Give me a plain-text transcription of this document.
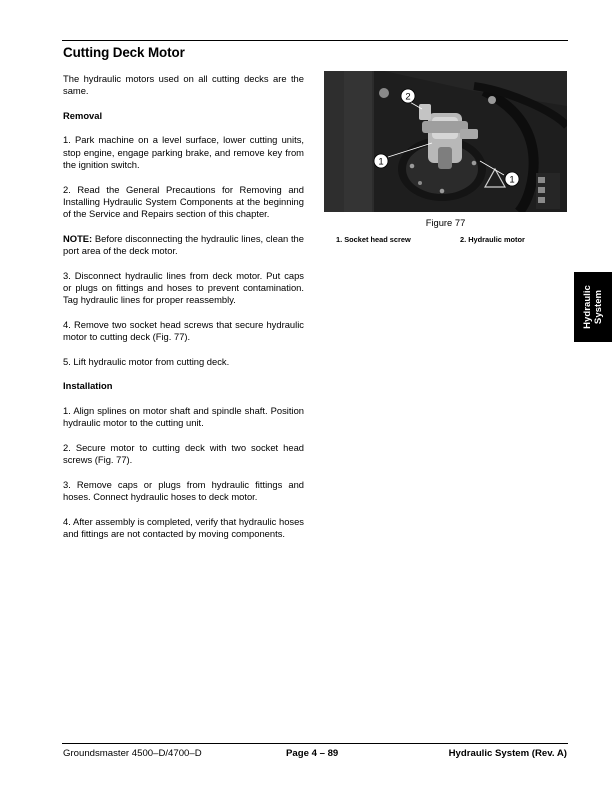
Cutting Deck Motor

The hydraulic motors used on all cutting decks are the same.

Removal

1. Park machine on a level surface, lower cutting units, stop engine, engage parking brake, and remove key from the ignition switch.

2. Read the General Precautions for Removing and Installing Hydraulic System Components at the beginning of the Service and Repairs section of this chapter.

NOTE: Before disconnecting the hydraulic lines, clean the port area of the deck motor.

3. Disconnect hydraulic lines from deck motor. Put caps or plugs on fittings and hoses to prevent contamination. Tag hydraulic lines for proper reassembly.

4. Remove two socket head screws that secure hydraulic motor to cutting deck (Fig. 77).

5. Lift hydraulic motor from cutting deck.

Installation

1. Align splines on motor shaft and spindle shaft. Position hydraulic motor to the cutting unit.

2. Secure motor to cutting deck with two socket head screws (Fig. 77).

3. Remove caps or plugs from hydraulic fittings and hoses. Connect hydraulic hoses to deck motor.

4. After assembly is completed, verify that hydraulic hoses and fittings are not contacted by moving components.

2
1
1
Figure 77
1. Socket head screw	2. Hydraulic motor
Hydraulic System
Groundsmaster 4500–D/4700–D	Page 4 – 89	Hydraulic System (Rev. A)
